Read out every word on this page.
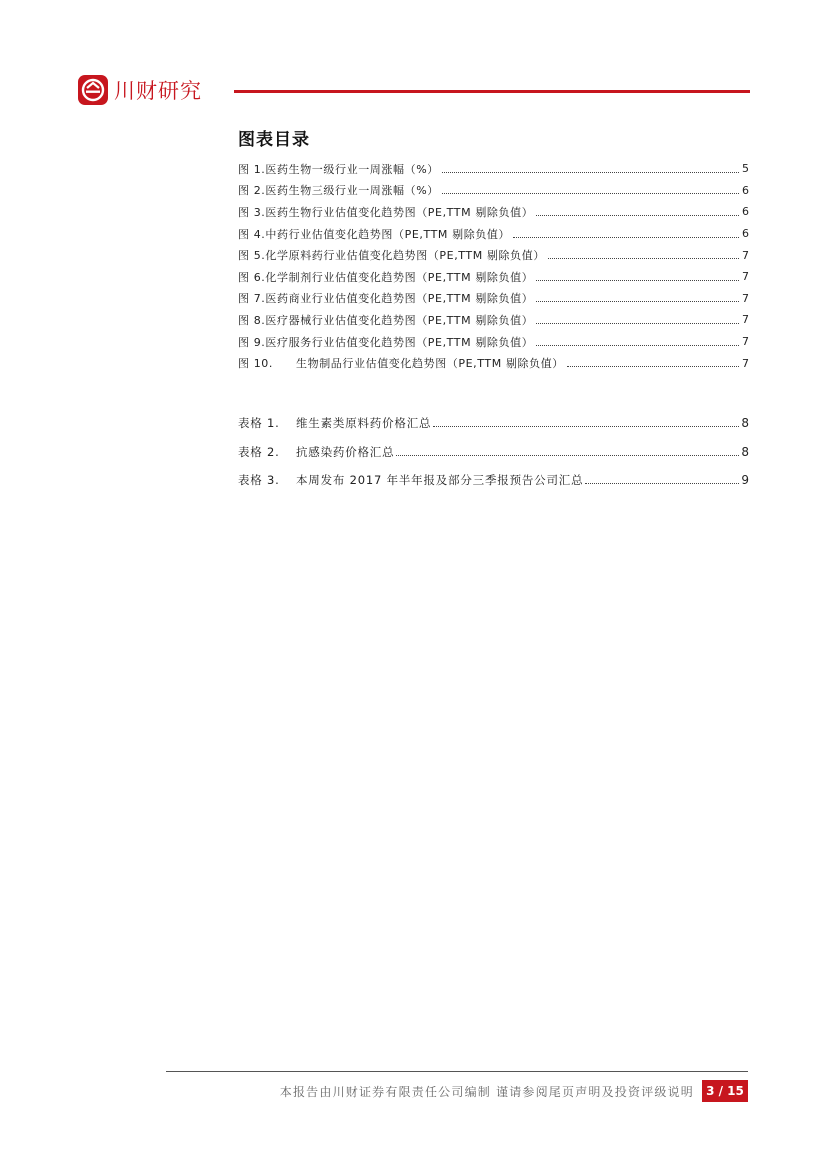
川财研究
图表目录
图 1. 医药生物一级行业一周涨幅（%）	5
图 2. 医药生物三级行业一周涨幅（%）	6
图 3. 医药生物行业估值变化趋势图（PE,TTM 剔除负值）	6
图 4. 中药行业估值变化趋势图（PE,TTM 剔除负值）	6
图 5. 化学原料药行业估值变化趋势图（PE,TTM 剔除负值）	7
图 6. 化学制剂行业估值变化趋势图（PE,TTM 剔除负值）	7
图 7. 医药商业行业估值变化趋势图（PE,TTM 剔除负值）	7
图 8. 医疗器械行业估值变化趋势图（PE,TTM 剔除负值）	7
图 9. 医疗服务行业估值变化趋势图（PE,TTM 剔除负值）	7
图 10.	生物制品行业估值变化趋势图（PE,TTM 剔除负值）	7
表格 1.	维生素类原料药价格汇总	8
表格 2.	抗感染药价格汇总	8
表格 3.	本周发布 2017 年半年报及部分三季报预告公司汇总	9
本报告由川财证券有限责任公司编制 谨请参阅尾页声明及投资评级说明	3 / 15
